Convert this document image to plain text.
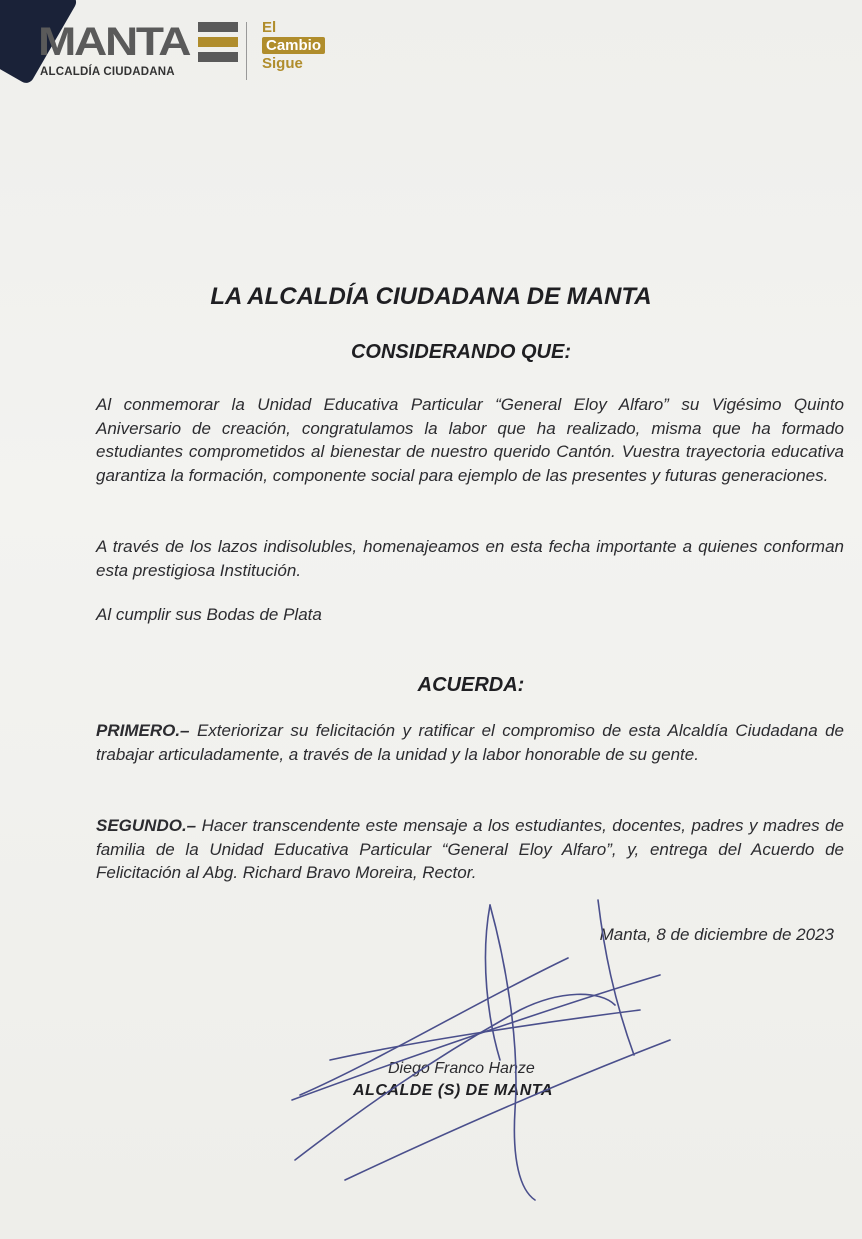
MANTA
ALCALDÍA CIUDADANA
El
Cambio
Sigue
LA ALCALDÍA CIUDADANA DE MANTA
CONSIDERANDO QUE:
Al conmemorar la Unidad Educativa Particular “General Eloy Alfaro” su Vigésimo Quinto Aniversario de creación, congratulamos la labor que ha realizado, misma que ha formado estudiantes comprometidos al bienestar de nuestro querido Cantón. Vuestra trayectoria educativa garantiza la formación, componente social para ejemplo de las presentes y futuras generaciones.
A través de los lazos indisolubles, homenajeamos en esta fecha importante a quienes conforman esta prestigiosa Institución.
Al cumplir sus Bodas de Plata
ACUERDA:
PRIMERO.– Exteriorizar su felicitación y ratificar el compromiso de esta Alcaldía Ciudadana de trabajar articuladamente, a través de la unidad y la labor honorable de su gente.
SEGUNDO.– Hacer transcendente este mensaje a los estudiantes, docentes, padres y madres de familia de la Unidad Educativa Particular “General Eloy Alfaro”, y, entrega del Acuerdo de Felicitación al Abg. Richard Bravo Moreira, Rector.
Manta, 8 de diciembre de 2023
Diego Franco Hanze
ALCALDE (S) DE MANTA
